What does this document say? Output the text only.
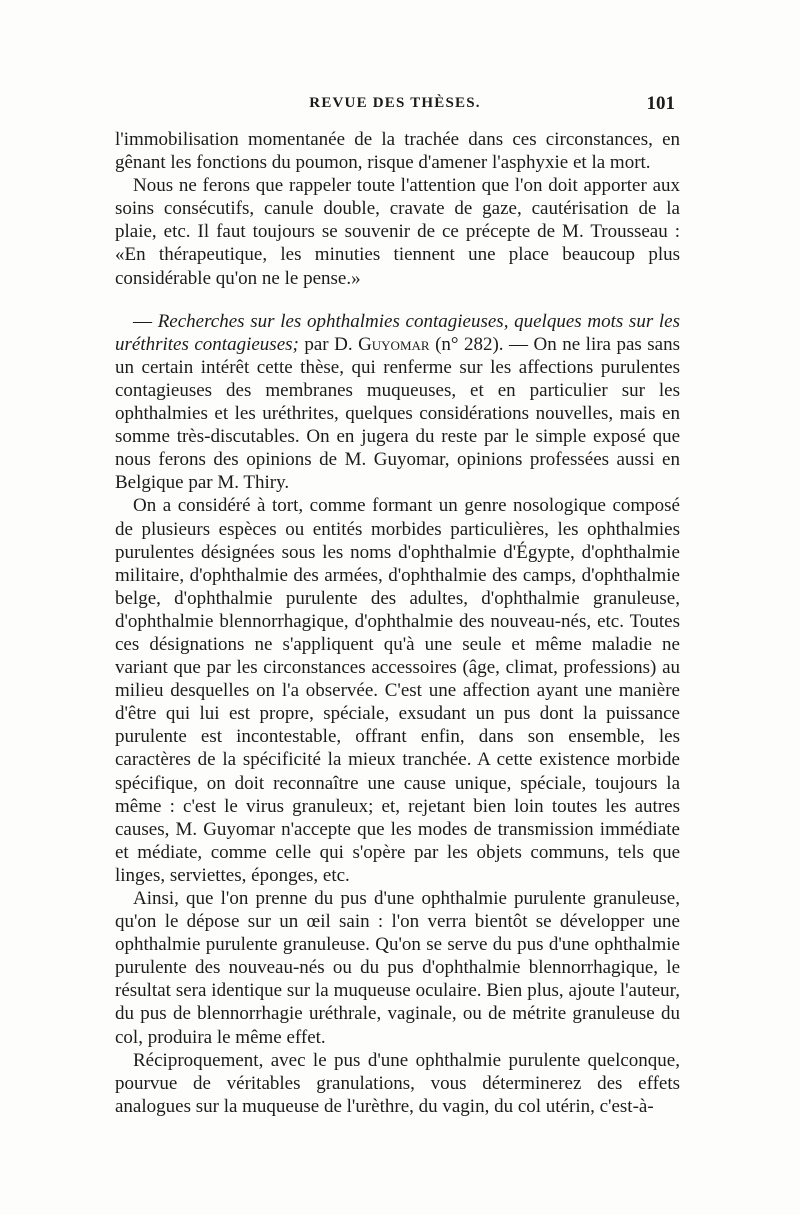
REVUE DES THÈSES.	101

l'immobilisation momentanée de la trachée dans ces circonstances, en gênant les fonctions du poumon, risque d'amener l'asphyxie et la mort.

Nous ne ferons que rappeler toute l'attention que l'on doit apporter aux soins consécutifs, canule double, cravate de gaze, cautérisation de la plaie, etc. Il faut toujours se souvenir de ce précepte de M. Trousseau : «En thérapeutique, les minuties tiennent une place beaucoup plus considérable qu'on ne le pense.»

— Recherches sur les ophthalmies contagieuses, quelques mots sur les uréthrites contagieuses; par D. Guyomar (n° 282). — On ne lira pas sans un certain intérêt cette thèse, qui renferme sur les affections purulentes contagieuses des membranes muqueuses, et en particulier sur les ophthalmies et les uréthrites, quelques considérations nouvelles, mais en somme très-discutables. On en jugera du reste par le simple exposé que nous ferons des opinions de M. Guyomar, opinions professées aussi en Belgique par M. Thiry.

On a considéré à tort, comme formant un genre nosologique composé de plusieurs espèces ou entités morbides particulières, les ophthalmies purulentes désignées sous les noms d'ophthalmie d'Égypte, d'ophthalmie militaire, d'ophthalmie des armées, d'ophthalmie des camps, d'ophthalmie belge, d'ophthalmie purulente des adultes, d'ophthalmie granuleuse, d'ophthalmie blennorrhagique, d'ophthalmie des nouveau-nés, etc. Toutes ces désignations ne s'appliquent qu'à une seule et même maladie ne variant que par les circonstances accessoires (âge, climat, professions) au milieu desquelles on l'a observée. C'est une affection ayant une manière d'être qui lui est propre, spéciale, exsudant un pus dont la puissance purulente est incontestable, offrant enfin, dans son ensemble, les caractères de la spécificité la mieux tranchée. A cette existence morbide spécifique, on doit reconnaître une cause unique, spéciale, toujours la même : c'est le virus granuleux; et, rejetant bien loin toutes les autres causes, M. Guyomar n'accepte que les modes de transmission immédiate et médiate, comme celle qui s'opère par les objets communs, tels que linges, serviettes, éponges, etc.

Ainsi, que l'on prenne du pus d'une ophthalmie purulente granuleuse, qu'on le dépose sur un œil sain : l'on verra bientôt se développer une ophthalmie purulente granuleuse. Qu'on se serve du pus d'une ophthalmie purulente des nouveau-nés ou du pus d'ophthalmie blennorrhagique, le résultat sera identique sur la muqueuse oculaire. Bien plus, ajoute l'auteur, du pus de blennorrhagie uréthrale, vaginale, ou de métrite granuleuse du col, produira le même effet.

Réciproquement, avec le pus d'une ophthalmie purulente quelconque, pourvue de véritables granulations, vous déterminerez des effets analogues sur la muqueuse de l'urèthre, du vagin, du col utérin, c'est-à-
